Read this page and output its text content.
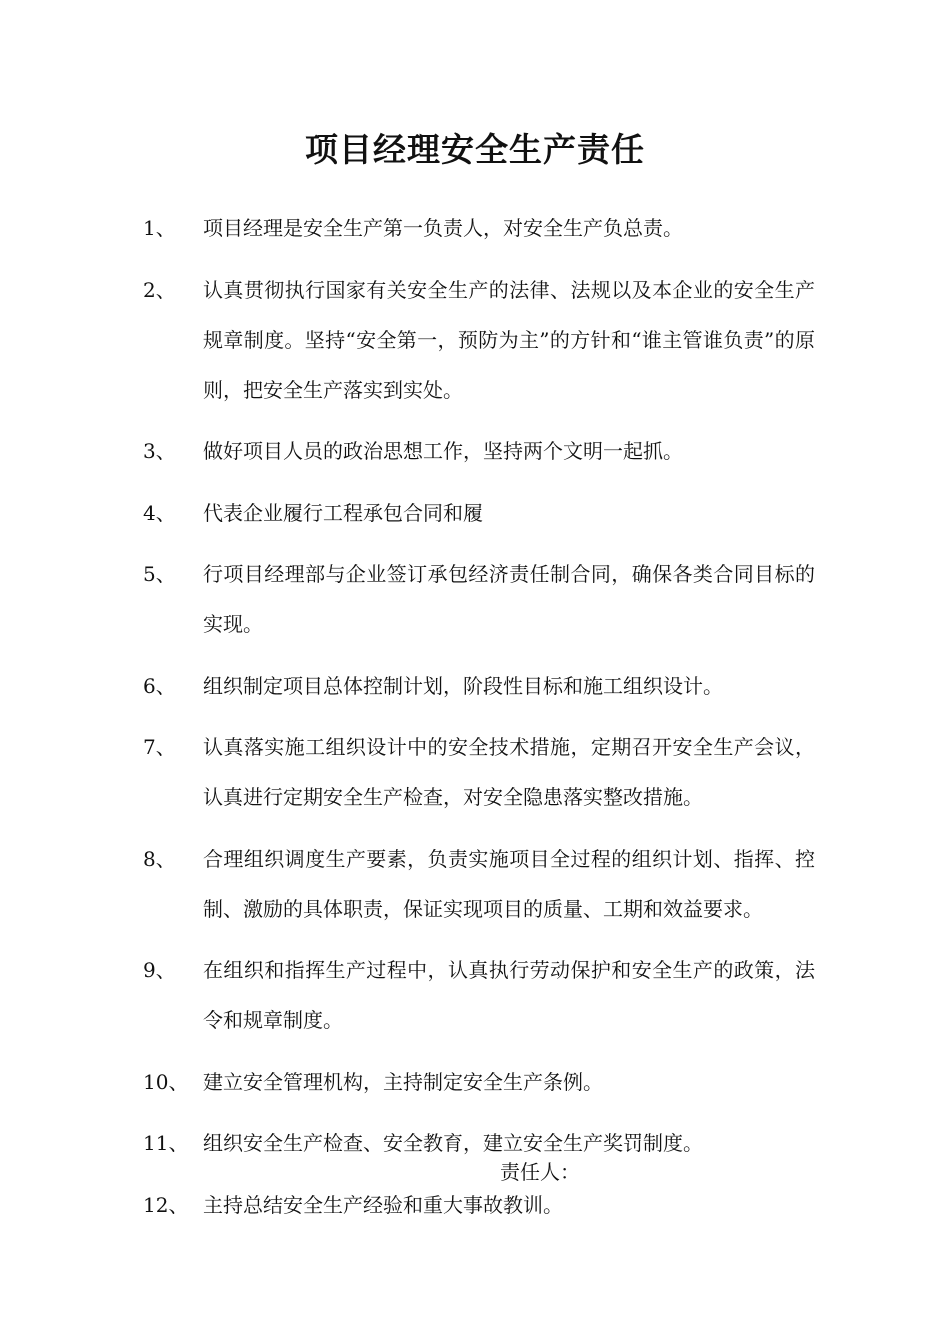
项目经理安全生产责任
1、 项目经理是安全生产第一负责人，对安全生产负总责。
2、 认真贯彻执行国家有关安全生产的法律、法规以及本企业的安全生产规章制度。坚持“安全第一，预防为主”的方针和“谁主管谁负责”的原则，把安全生产落实到实处。
3、 做好项目人员的政治思想工作，坚持两个文明一起抓。
4、 代表企业履行工程承包合同和履
5、 行项目经理部与企业签订承包经济责任制合同，确保各类合同目标的实现。
6、 组织制定项目总体控制计划，阶段性目标和施工组织设计。
7、 认真落实施工组织设计中的安全技术措施，定期召开安全生产会议，认真进行定期安全生产检查，对安全隐患落实整改措施。
8、 合理组织调度生产要素，负责实施项目全过程的组织计划、指挥、控制、激励的具体职责，保证实现项目的质量、工期和效益要求。
9、 在组织和指挥生产过程中，认真执行劳动保护和安全生产的政策，法令和规章制度。
10、 建立安全管理机构，主持制定安全生产条例。
11、 组织安全生产检查、安全教育，建立安全生产奖罚制度。
12、 主持总结安全生产经验和重大事故教训。
责任人：
